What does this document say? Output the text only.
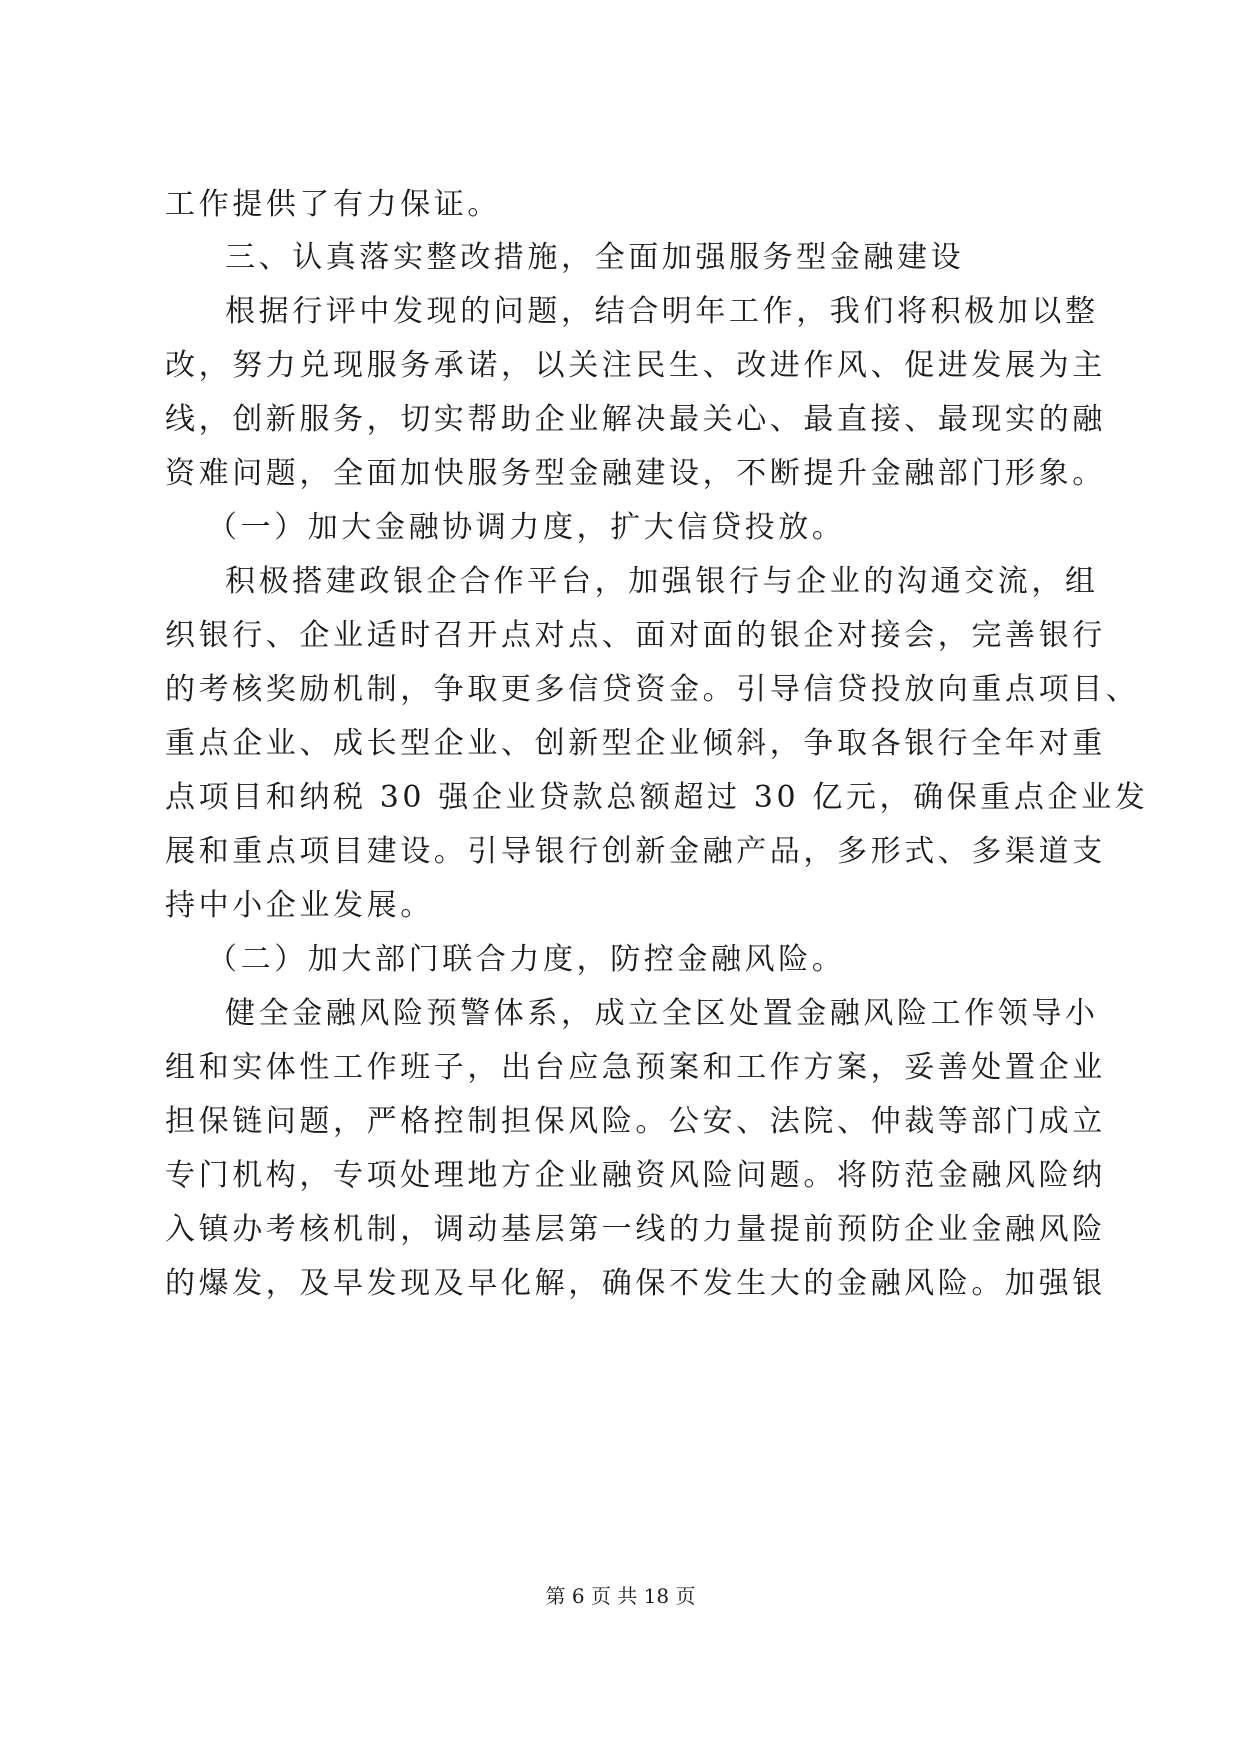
工作提供了有力保证。
三、认真落实整改措施，全面加强服务型金融建设
根据行评中发现的问题，结合明年工作，我们将积极加以整
改，努力兑现服务承诺，以关注民生、改进作风、促进发展为主
线，创新服务，切实帮助企业解决最关心、最直接、最现实的融
资难问题，全面加快服务型金融建设，不断提升金融部门形象。
（一）加大金融协调力度，扩大信贷投放。
积极搭建政银企合作平台，加强银行与企业的沟通交流，组
织银行、企业适时召开点对点、面对面的银企对接会，完善银行
的考核奖励机制，争取更多信贷资金。引导信贷投放向重点项目、
重点企业、成长型企业、创新型企业倾斜，争取各银行全年对重
点项目和纳税 30 强企业贷款总额超过 30 亿元，确保重点企业发
展和重点项目建设。引导银行创新金融产品，多形式、多渠道支
持中小企业发展。
（二）加大部门联合力度，防控金融风险。
健全金融风险预警体系，成立全区处置金融风险工作领导小
组和实体性工作班子，出台应急预案和工作方案，妥善处置企业
担保链问题，严格控制担保风险。公安、法院、仲裁等部门成立
专门机构，专项处理地方企业融资风险问题。将防范金融风险纳
入镇办考核机制，调动基层第一线的力量提前预防企业金融风险
的爆发，及早发现及早化解，确保不发生大的金融风险。加强银
第 6 页 共 18 页
